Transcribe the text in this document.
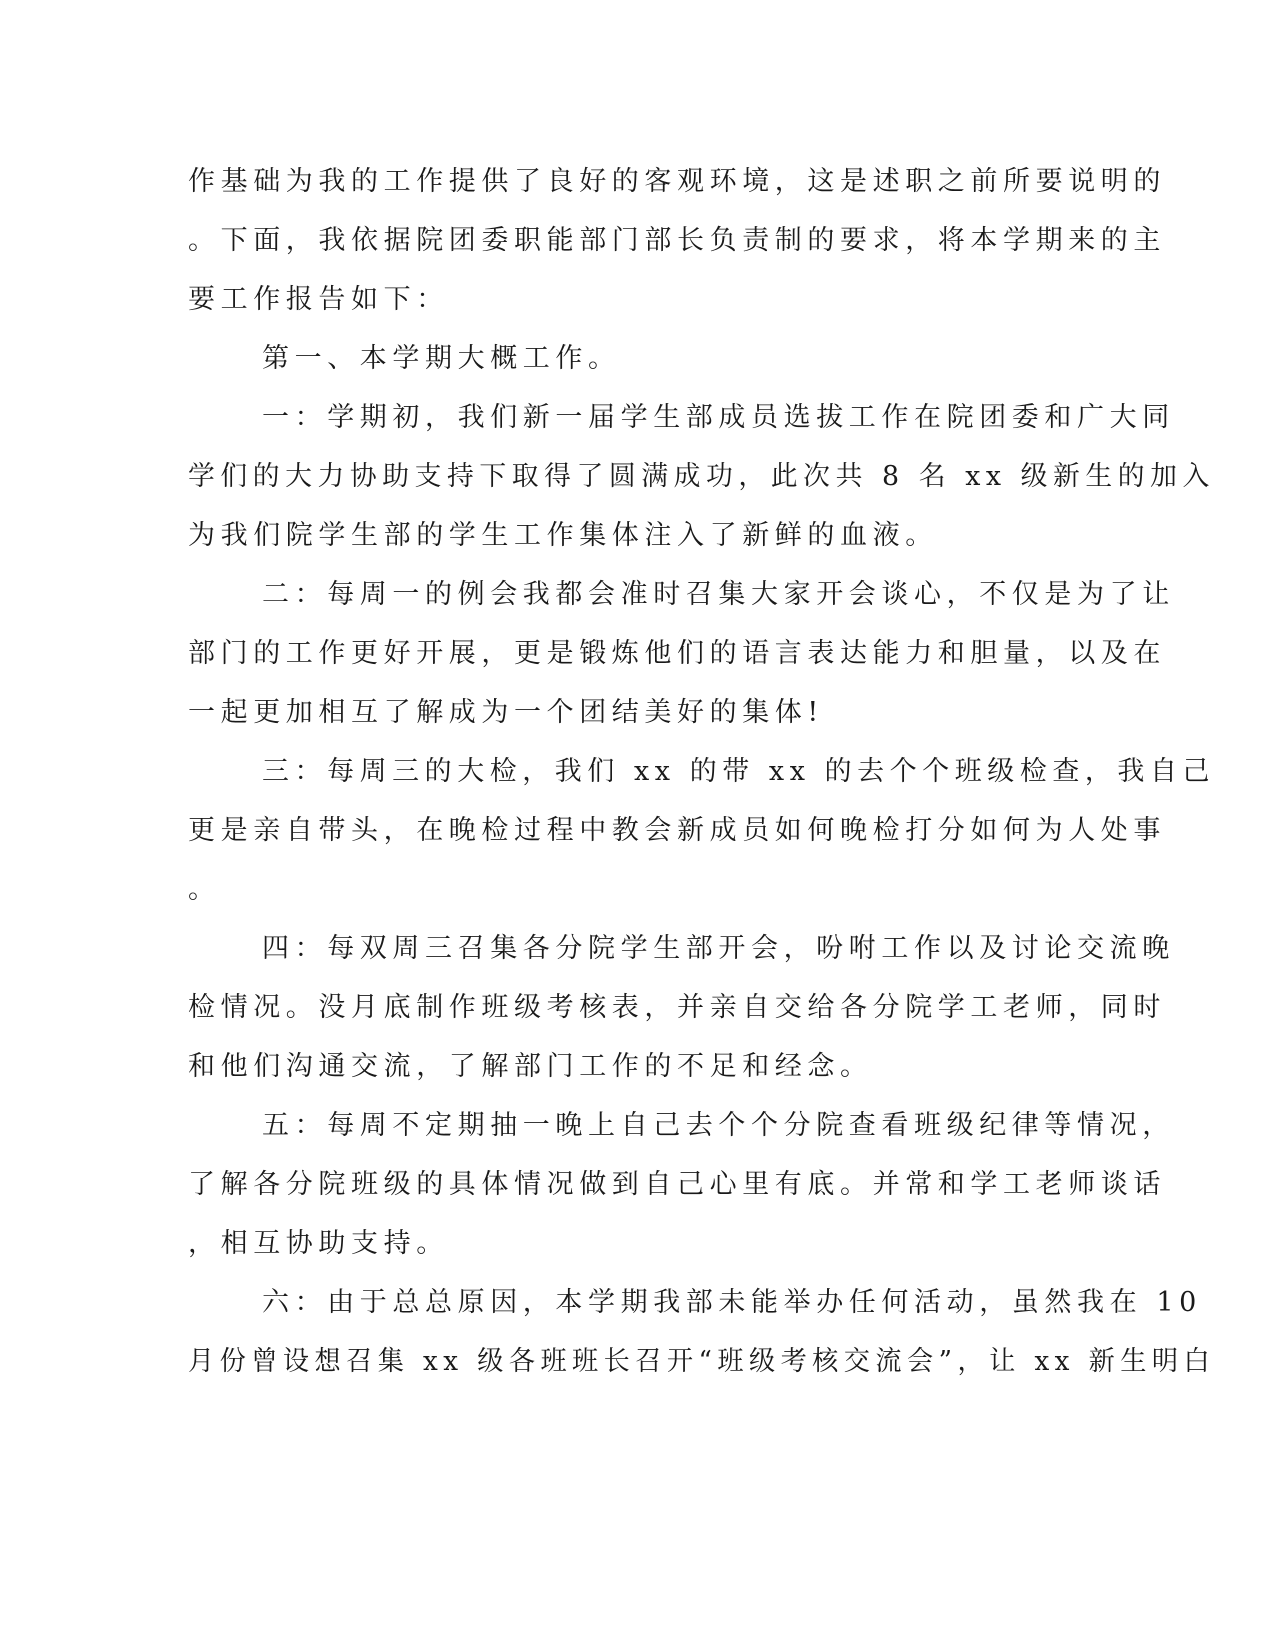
作基础为我的工作提供了良好的客观环境，这是述职之前所要说明的
。下面，我依据院团委职能部门部长负责制的要求，将本学期来的主
要工作报告如下：
第一、本学期大概工作。
一：学期初，我们新一届学生部成员选拔工作在院团委和广大同
学们的大力协助支持下取得了圆满成功，此次共 8 名 xx 级新生的加入
为我们院学生部的学生工作集体注入了新鲜的血液。
二：每周一的例会我都会准时召集大家开会谈心，不仅是为了让
部门的工作更好开展，更是锻炼他们的语言表达能力和胆量，以及在
一起更加相互了解成为一个团结美好的集体!
三：每周三的大检，我们 xx 的带 xx 的去个个班级检查，我自己
更是亲自带头，在晚检过程中教会新成员如何晚检打分如何为人处事
。
四：每双周三召集各分院学生部开会，吩咐工作以及讨论交流晚
检情况。没月底制作班级考核表，并亲自交给各分院学工老师，同时
和他们沟通交流，了解部门工作的不足和经念。
五：每周不定期抽一晚上自己去个个分院查看班级纪律等情况，
了解各分院班级的具体情况做到自己心里有底。并常和学工老师谈话
，相互协助支持。
六：由于总总原因，本学期我部未能举办任何活动，虽然我在 10
月份曾设想召集 xx 级各班班长召开“班级考核交流会”，让 xx 新生明白
